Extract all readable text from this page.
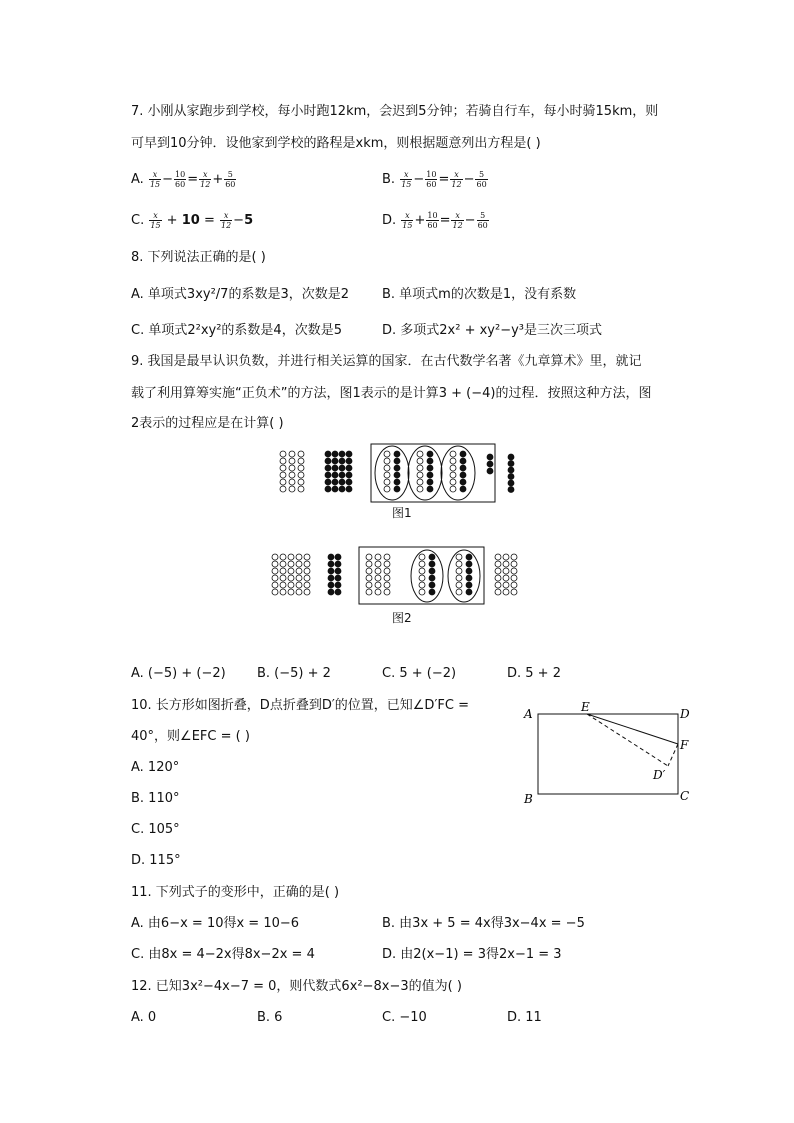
7. 小刚从家跑步到学校，每小时跑12km，会迟到5分钟；若骑自行车，每小时骑15km，则
可早到10分钟．设他家到学校的路程是xkm，则根据题意列出方程是( )
A. $\frac{x}{15} - \frac{10}{60} = \frac{x}{12} + \frac{5}{60}$	B. $\frac{x}{15} - \frac{10}{60} = \frac{x}{12} - \frac{5}{60}$
C. $\frac{x}{15} + 10 = \frac{x}{12} -5$	D. $\frac{x}{15} + \frac{10}{60} = \frac{x}{12} - \frac{5}{60}$
8. 下列说法正确的是( )
A. 单项式3xy²/7的系数是3，次数是2	B. 单项式m的次数是1，没有系数
C. 单项式2²xy²的系数是4，次数是5	D. 多项式2x² + xy²−y³是三次三项式
9. 我国是最早认识负数，并进行相关运算的国家．在古代数学名著《九章算术》里，就记
载了利用算筹实施“正负术”的方法，图1表示的是计算3 + (−4)的过程．按照这种方法，图
2表示的过程应是在计算( )
图1
图2
A. (−5) + (−2) B. (−5) + 2	C. 5 + (−2)	D. 5 + 2
10. 长方形如图折叠，D点折叠到D′的位置，已知∠D′FC =
40°，则∠EFC = ( )
A. 120°
B. 110°
C. 105°
D. 115°
A	E	D
F
D′
B	C
11. 下列式子的变形中，正确的是( )
A. 由6−x = 10得x = 10−6	B. 由3x + 5 = 4x得3x−4x = −5
C. 由8x = 4−2x得8x−2x = 4	D. 由2(x−1) = 3得2x−1 = 3
12. 已知3x²−4x−7 = 0，则代数式6x²−8x−3的值为( )
A. 0	B. 6	C. −10	D. 11
